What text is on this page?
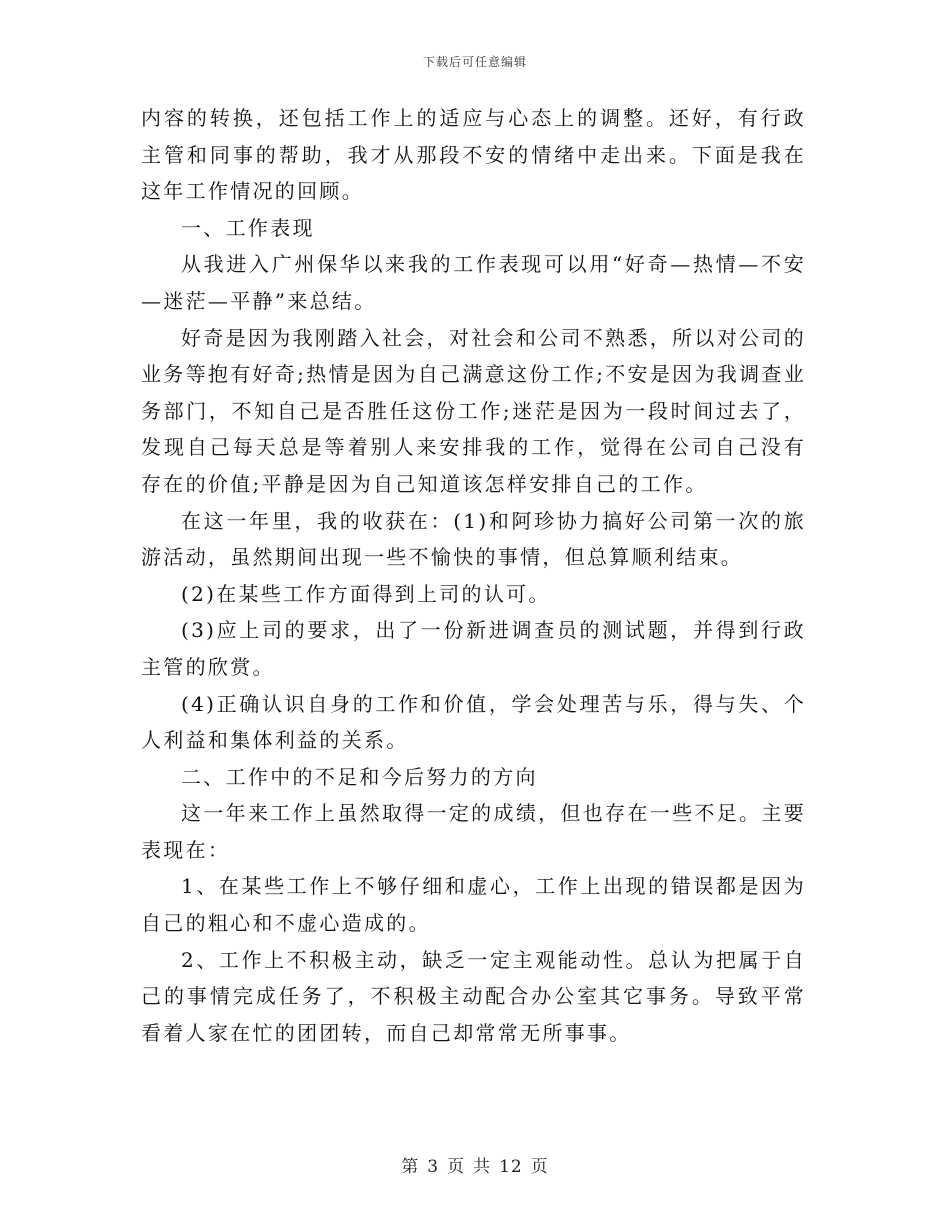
下载后可任意编辑

内容的转换，还包括工作上的适应与心态上的调整。还好，有行政主管和同事的帮助，我才从那段不安的情绪中走出来。下面是我在这年工作情况的回顾。

一、工作表现

从我进入广州保华以来我的工作表现可以用“好奇—热情—不安—迷茫—平静”来总结。

好奇是因为我刚踏入社会，对社会和公司不熟悉，所以对公司的业务等抱有好奇;热情是因为自己满意这份工作;不安是因为我调查业务部门，不知自己是否胜任这份工作;迷茫是因为一段时间过去了，发现自己每天总是等着别人来安排我的工作，觉得在公司自己没有存在的价值;平静是因为自己知道该怎样安排自己的工作。

在这一年里，我的收获在：(1)和阿珍协力搞好公司第一次的旅游活动，虽然期间出现一些不愉快的事情，但总算顺利结束。

(2)在某些工作方面得到上司的认可。

(3)应上司的要求，出了一份新进调查员的测试题，并得到行政主管的欣赏。

(4)正确认识自身的工作和价值，学会处理苦与乐，得与失、个人利益和集体利益的关系。

二、工作中的不足和今后努力的方向

这一年来工作上虽然取得一定的成绩，但也存在一些不足。主要表现在：

1、在某些工作上不够仔细和虚心，工作上出现的错误都是因为自己的粗心和不虚心造成的。

2、工作上不积极主动，缺乏一定主观能动性。总认为把属于自己的事情完成任务了，不积极主动配合办公室其它事务。导致平常看着人家在忙的团团转，而自己却常常无所事事。

第 3 页 共 12 页
